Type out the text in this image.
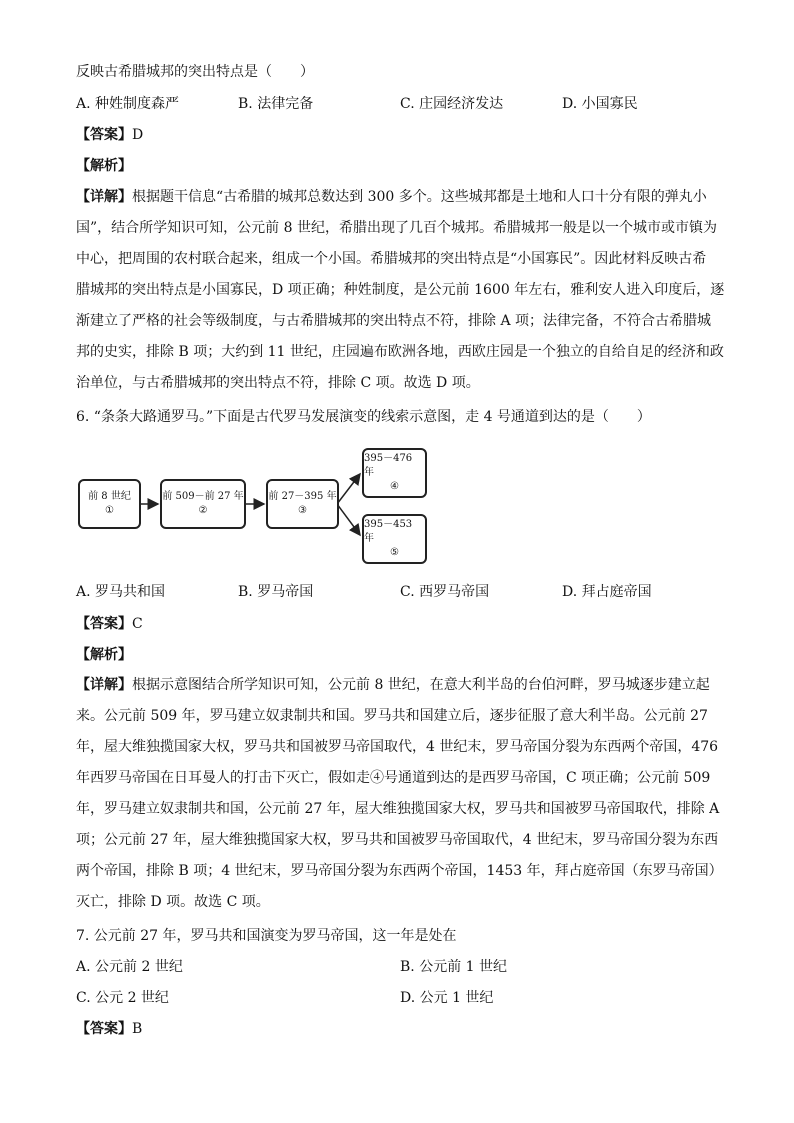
反映古希腊城邦的突出特点是（　　）
A. 种姓制度森严	B. 法律完备	C. 庄园经济发达	D. 小国寡民
【答案】D
【解析】
【详解】根据题干信息“古希腊的城邦总数达到 300 多个。这些城邦都是土地和人口十分有限的弹丸小
国”，结合所学知识可知，公元前 8 世纪，希腊出现了几百个城邦。希腊城邦一般是以一个城市或市镇为
中心，把周围的农村联合起来，组成一个小国。希腊城邦的突出特点是“小国寡民”。因此材料反映古希
腊城邦的突出特点是小国寡民，D 项正确；种姓制度，是公元前 1600 年左右，雅利安人进入印度后，逐
渐建立了严格的社会等级制度，与古希腊城邦的突出特点不符，排除 A 项；法律完备，不符合古希腊城
邦的史实，排除 B 项；大约到 11 世纪，庄园遍布欧洲各地，西欧庄园是一个独立的自给自足的经济和政
治单位，与古希腊城邦的突出特点不符，排除 C 项。故选 D 项。
6. “条条大路通罗马。”下面是古代罗马发展演变的线索示意图，走 4 号通道到达的是（　　）
前 8 世纪
①
前 509－前 27 年
②
前 27－395 年
③
395－476 年
④
395－453 年
⑤
A. 罗马共和国	B. 罗马帝国	C. 西罗马帝国	D. 拜占庭帝国
【答案】C
【解析】
【详解】根据示意图结合所学知识可知，公元前 8 世纪，在意大利半岛的台伯河畔，罗马城逐步建立起
来。公元前 509 年，罗马建立奴隶制共和国。罗马共和国建立后，逐步征服了意大利半岛。公元前 27
年，屋大维独揽国家大权，罗马共和国被罗马帝国取代，4 世纪末，罗马帝国分裂为东西两个帝国，476
年西罗马帝国在日耳曼人的打击下灭亡，假如走④号通道到达的是西罗马帝国，C 项正确；公元前 509
年，罗马建立奴隶制共和国，公元前 27 年，屋大维独揽国家大权，罗马共和国被罗马帝国取代，排除 A
项；公元前 27 年，屋大维独揽国家大权，罗马共和国被罗马帝国取代，4 世纪末，罗马帝国分裂为东西
两个帝国，排除 B 项；4 世纪末，罗马帝国分裂为东西两个帝国，1453 年，拜占庭帝国（东罗马帝国）
灭亡，排除 D 项。故选 C 项。
7. 公元前 27 年，罗马共和国演变为罗马帝国，这一年是处在
A. 公元前 2 世纪	B. 公元前 1 世纪
C. 公元 2 世纪	D. 公元 1 世纪
【答案】B
